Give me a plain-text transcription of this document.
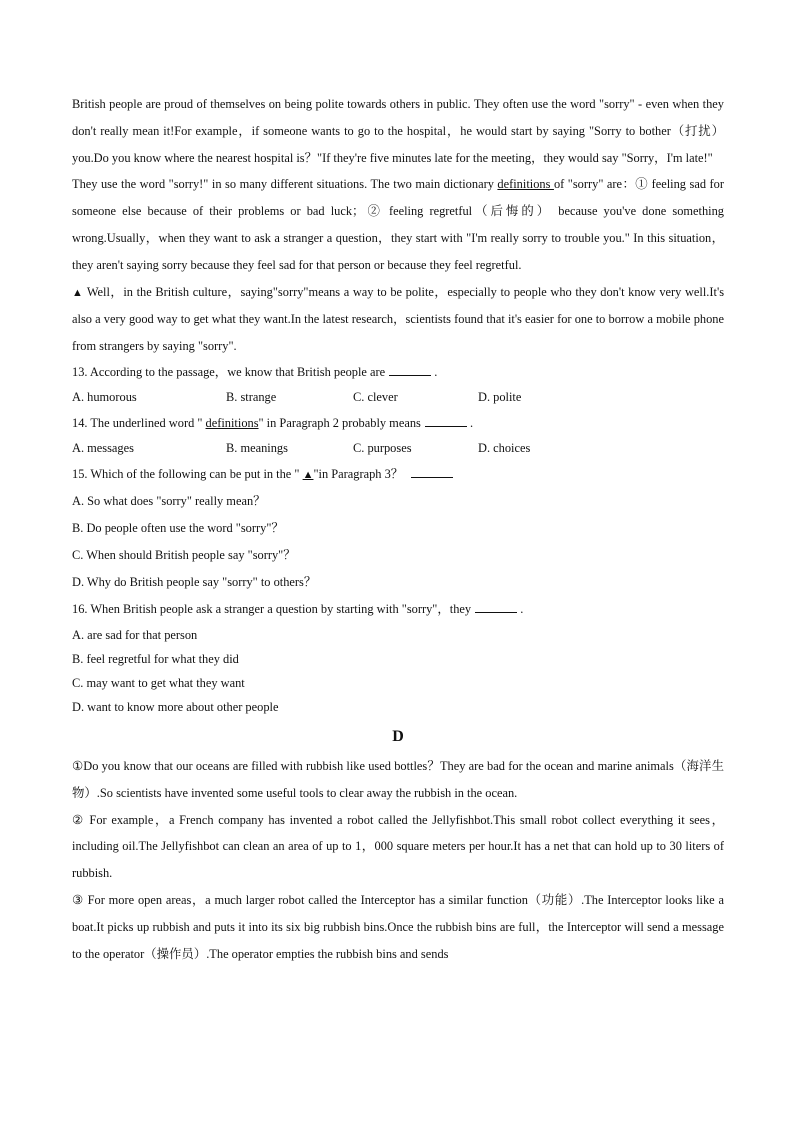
British people are proud of themselves on being polite towards others in public. They often use the word "sorry" - even when they don't really mean it!For example，if someone wants to go to the hospital，he would start by saying "Sorry to bother（打扰） you.Do you know where the nearest hospital is？"If they're five minutes late for the meeting，they would say "Sorry，I'm late!"

They use the word "sorry!" in so many different situations. The two main dictionary definitions of "sorry" are：① feeling sad for someone else because of their problems or bad luck；② feeling regretful（后悔的） because you've done something wrong.Usually，when they want to ask a stranger a question，they start with "I'm really sorry to trouble you." In this situation，they aren't saying sorry because they feel sad for that person or because they feel regretful.

▲ Well，in the British culture，saying"sorry"means a way to be polite，especially to people who they don't know very well.It's also a very good way to get what they want.In the latest research，scientists found that it's easier for one to borrow a mobile phone from strangers by saying "sorry".

13. According to the passage，we know that British people are	.

A. humorous	B. strange	C. clever	D. polite

14. The underlined word " definitions" in Paragraph 2 probably means	.

A. messages	B. meanings	C. purposes	D. choices

15. Which of the following can be put in the " ▲"in Paragraph 3？

A. So what does "sorry" really mean？

B. Do people often use the word "sorry"？

C. When should British people say "sorry"？

D. Why do British people say "sorry" to others？

16. When British people ask a stranger a question by starting with "sorry"，they	.

A. are sad for that person

B. feel regretful for what they did

C. may want to get what they want

D. want to know more about other people

D

①Do you know that our oceans are filled with rubbish like used bottles？They are bad for the ocean and marine animals（海洋生物）.So scientists have invented some useful tools to clear away the rubbish in the ocean.

② For example，a French company has invented a robot called the Jellyfishbot.This small robot collect everything it sees，including oil.The Jellyfishbot can clean an area of up to 1，000 square meters per hour.It has a net that can hold up to 30 liters of rubbish.

③ For more open areas，a much larger robot called the Interceptor has a similar function（功能）.The Interceptor looks like a boat.It picks up rubbish and puts it into its six big rubbish bins.Once the rubbish bins are full，the Interceptor will send a message to the operator（操作员）.The operator empties the rubbish bins and sends
